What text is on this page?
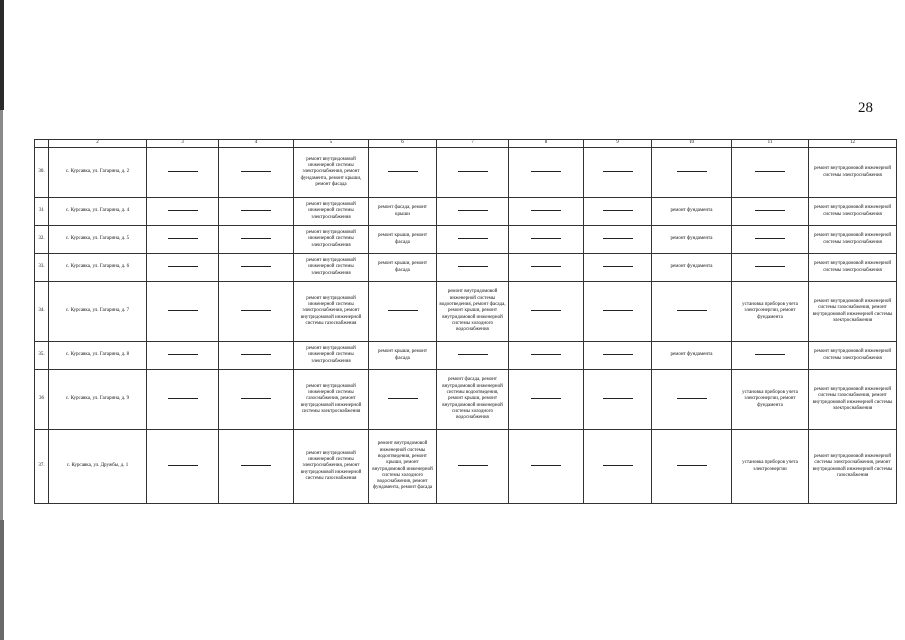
28
	2	3	4	5	6	7	8	9	10	11	12
30.	с. Курсавка, ул. Гагарина, д. 2			ремонт внутридомовой инженерной системы электроснабжения, ремонт фундамента, ремонт крыши, ремонт фасада							ремонт внутридомовой инженерной системы электроснабжения
31	с. Курсавка, ул. Гагарина, д. 4			ремонт внутридомовой инженерной системы электроснабжения	ремонт фасада, ремонт крыши				ремонт фундамента		ремонт внутридомовой инженерной системы электроснабжения
32.	с. Курсавка, ул. Гагарина, д. 5			ремонт внутридомовой инженерной системы электроснабжения	ремонт крыши, ремонт фасада				ремонт фундамента		ремонт внутридомовой инженерной системы электроснабжения
33.	с. Курсавка, ул. Гагарина, д. 6			ремонт внутридомовой инженерной системы электроснабжения	ремонт крыши, ремонт фасада				ремонт фундамента		ремонт внутридомовой инженерной системы электроснабжения
34.	с. Курсавка, ул. Гагарина, д. 7			ремонт внутридомовой инженерной системы электроснабжения, ремонт внутридомовой инженерной системы газоснабжения		ремонт внутридомовой инженерной системы водоотведения, ремонт фасада, ремонт крыши, ремонт внутридомовой инженерной системы холодного водоснабжения				установка приборов учета электроэнергии, ремонт фундамента	ремонт внутридомовой инженерной системы газоснабжения, ремонт внутридомовой инженерной системы электроснабжения
35.	с. Курсавка, ул. Гагарина, д. 8			ремонт внутридомовой инженерной системы электроснабжения	ремонт крыши, ремонт фасада				ремонт фундамента		ремонт внутридомовой инженерной системы электроснабжения
36	с. Курсавка, ул. Гагарина, д. 9			ремонт внутридомовой инженерной системы газоснабжения, ремонт внутридомовой инженерной системы электроснабжения		ремонт фасада, ремонт внутридомовой инженерной системы водоотведения, ремонт крыши, ремонт внутридомовой инженерной системы холодного водоснабжения				установка приборов учета электроэнергии, ремонт фундамента	ремонт внутридомовой инженерной системы газоснабжения, ремонт внутридомовой инженерной системы электроснабжения
37.	с. Курсавка, ул. Дружбы, д. 1			ремонт внутридомовой инженерной системы электроснабжения, ремонт внутридомовой инженерной системы газоснабжения	ремонт внутридомовой инженерной системы водоотведения, ремонт крыши, ремонт внутридомовой инженерной системы холодного водоснабжения, ремонт фундамента, ремонт фасада					установка приборов учета электроэнергии	ремонт внутридомовой инженерной системы электроснабжения, ремонт внутридомовой инженерной системы газоснабжения
